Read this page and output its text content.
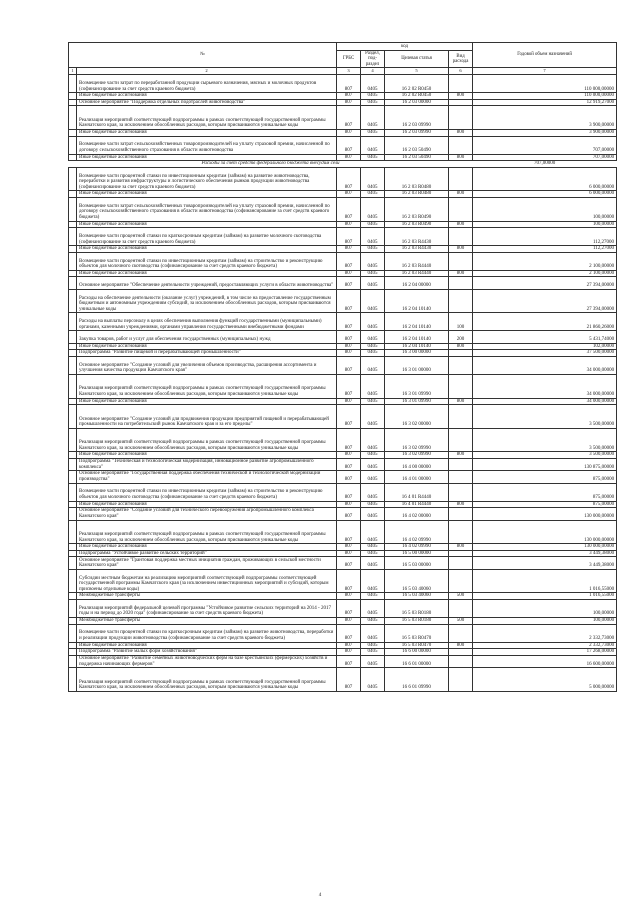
№		код				Годовой объем назначений
		ГРБС	Раздел, под-раздел	Целевая статья	Вид расхода	
1	2	3	4	5	6	7
	Возмещение части затрат по переработанной продукции сырьевого назначения, мясных и молочных продуктов (софинансирование за счет средств краевого бюджета)	807	0405	16 2 02 R0450		110 000,00000
	Иные бюджетные ассигнования	807	0405	16 2 02 R0450	800	110 000,00000
	Основное мероприятие "Поддержка отдельных подотраслей животноводства"	807	0405	16 2 03 00000		12 919,27000
	Реализация мероприятий соответствующей подпрограммы в рамках соответствующей государственной программы Камчатского края, за исключением обособленных расходов, которым присваиваются уникальные коды	807	0405	16 2 03 09990		3 900,00000
	Иные бюджетные ассигнования	807	0405	16 2 03 09990	800	3 900,00000
	Возмещение части затрат сельскохозяйственных товаропроизводителей на уплату страховой премии, начисленной по договору сельскохозяйственного страхования в области животноводства	807	0405	16 2 03 50490		707,00000
	Иные бюджетные ассигнования	807	0405	16 2 03 50490	800	707,00000
Расходы за счет средств федерального бюджета внесудим сели						707,00000
	Возмещение части процентной ставки по инвестиционным кредитам (займам) на развитие животноводства, переработки и развития инфраструктуры и логистического обеспечения рынков продукции животноводства (софинансирование за счет средств краевого бюджета)	807	0405	16 2 03 R0480		6 000,00000
	Иные бюджетные ассигнования	807	0405	16 2 03 R0480	800	6 000,00000
	Возмещение части затрат сельскохозяйственных товаропроизводителей на уплату страховой премии, начисленной по договору сельскохозяйственного страхования в области животноводства (софинансирование за счет средств краевого бюджета)	807	0405	16 2 03 R0490		100,00000
	Иные бюджетные ассигнования	807	0405	16 2 03 R0490	800	100,00000
	Возмещение части процентной ставки по краткосрочным кредитам (займам) на развитие молочного скотоводства (софинансирование за счет средств краевого бюджета)	807	0405	16 2 03 R4430		112,27000
	Иные бюджетные ассигнования	807	0405	16 2 03 R4430	800	112,27000
	Возмещение части процентной ставки по инвестиционным кредитам (займам) на строительство и реконструкцию объектов для молочного скотоводства (софинансирование за счет средств краевого бюджета)	807	0405	16 2 03 R4440		2 100,00000
	Иные бюджетные ассигнования	807	0405	16 2 03 R4440	800	2 100,00000
	Основное мероприятие "Обеспечение деятельности учреждений, предоставляющих услуги в области животноводства"	807	0405	16 2 04 00000		27 394,00000
	Расходы на обеспечение деятельности (оказание услуг) учреждений, в том числе на предоставление государственным бюджетным и автономным учреждениям субсидий, за исключением обособленных расходов, которым присваиваются уникальные коды	807	0405	16 2 04 10140		27 394,00000
	Расходы на выплаты персоналу в целях обеспечения выполнения функций государственными (муниципальными) органами, казенными учреждениями, органами управления государственными внебюджетными фондами	807	0405	16 2 04 10140	100	21 860,26000
	Закупка товаров, работ и услуг для обеспечения государственных (муниципальных) нужд	807	0405	16 2 04 10140	200	5 431,74000
	Иные бюджетные ассигнования	807	0405	16 2 04 10140	800	102,00000
	Подпрограмма "Развитие пищевой и перерабатывающей промышленности"	807	0405	16 3 00 00000		37 500,00000
	Основное мероприятие "Создание условий для увеличения объемов производства, расширения ассортимента и улучшения качества продукции Камчатского края"	807	0405	16 3 01 00000		34 000,00000
	Реализация мероприятий соответствующей подпрограммы в рамках соответствующей государственной программы Камчатского края, за исключением обособленных расходов, которым присваиваются уникальные коды	807	0405	16 3 01 09990		34 000,00000
	Иные бюджетные ассигнования	807	0405	16 3 01 09990	800	34 000,00000
	Основное мероприятие "Создание условий для продвижения продукции предприятий пищевой и перерабатывающей промышленности на потребительский рынок Камчатского края и за его пределы"	807	0405	16 3 02 00000		3 500,00000
	Реализация мероприятий соответствующей подпрограммы в рамках соответствующей государственной программы Камчатского края, за исключением обособленных расходов, которым присваиваются уникальные коды	807	0405	16 3 02 09990		3 500,00000
	Иные бюджетные ассигнования	807	0405	16 3 02 09990	800	3 500,00000
	Подпрограмма "Техническая и технологическая модернизация, инновационное развитие агропромышленного комплекса"	807	0405	16 4 00 00000		130 875,00000
	Основное мероприятие "Государственная поддержка обеспечения технической и технологической модернизации производства"	807	0405	16 4 01 00000		875,00000
	Возмещение части процентной ставки по инвестиционным кредитам (займам) на строительство и реконструкцию объектов для молочного скотоводства (софинансирование за счет средств краевого бюджета)	807	0405	16 4 01 R4440		875,00000
	Иные бюджетные ассигнования	807	0405	16 4 01 R4440	800	875,00000
	Основное мероприятие "Создание условий для технического перевооружения агропромышленного комплекса Камчатского края"	807	0405	16 4 02 00000		130 000,00000
	Реализация мероприятий соответствующей подпрограммы в рамках соответствующей государственной программы Камчатского края, за исключением обособленных расходов, которым присваиваются уникальные коды	807	0405	16 4 02 09990		130 000,00000
	Иные бюджетные ассигнования	807	0405	16 4 02 09990	800	130 000,00000
	Подпрограмма "Устойчивое развитие сельских территорий"	807	0405	16 5 00 00000		3 449,38000
	Основное мероприятие "Грантовая поддержка местных инициатив граждан, проживающих в сельской местности Камчатского края"	807	0405	16 5 03 00000		3 449,38000
	Субсидии местным бюджетам на реализацию мероприятий соответствующей подпрограммы соответствующей государственной программы Камчатского края (за исключением инвестиционных мероприятий и субсидий, которым присвоены отдельные коды)	807	0405	16 5 03 40060		1 016,55000
	Межбюджетные трансферты	807	0405	16 5 03 40060	500	1 016,55000
	Реализация мероприятий федеральной целевой программы "Устойчивое развитие сельских территорий на 2014 - 2017 годы и на период до 2020 года" (софинансирование за счет средств краевого бюджета)	807	0405	16 5 03 R0180		100,00000
	Межбюджетные трансферты	807	0405	16 5 03 R0180	500	100,00000
	Возмещение части процентной ставки по краткосрочным кредитам (займам) на развитие животноводства, переработки и реализации продукции животноводства (софинансирование за счет средств краевого бюджета)	807	0405	16 5 03 R0470		2 332,73000
	Иные бюджетные ассигнования	807	0405	16 5 03 R0470	800	2 332,73000
	Подпрограмма "Развитие малых форм хозяйствования"	807	0405	16 6 00 00000		17 268,00000
	Основное мероприятие "Развитие семейных животноводческих ферм на базе крестьянских (фермерских) хозяйств и поддержка начинающих фермеров"	807	0405	16 6 01 00000		16 600,00000
	Реализация мероприятий соответствующей подпрограммы в рамках соответствующей государственной программы Камчатского края, за исключением обособленных расходов, которым присваиваются уникальные коды	807	0405	16 6 01 09990		5 000,00000
4
